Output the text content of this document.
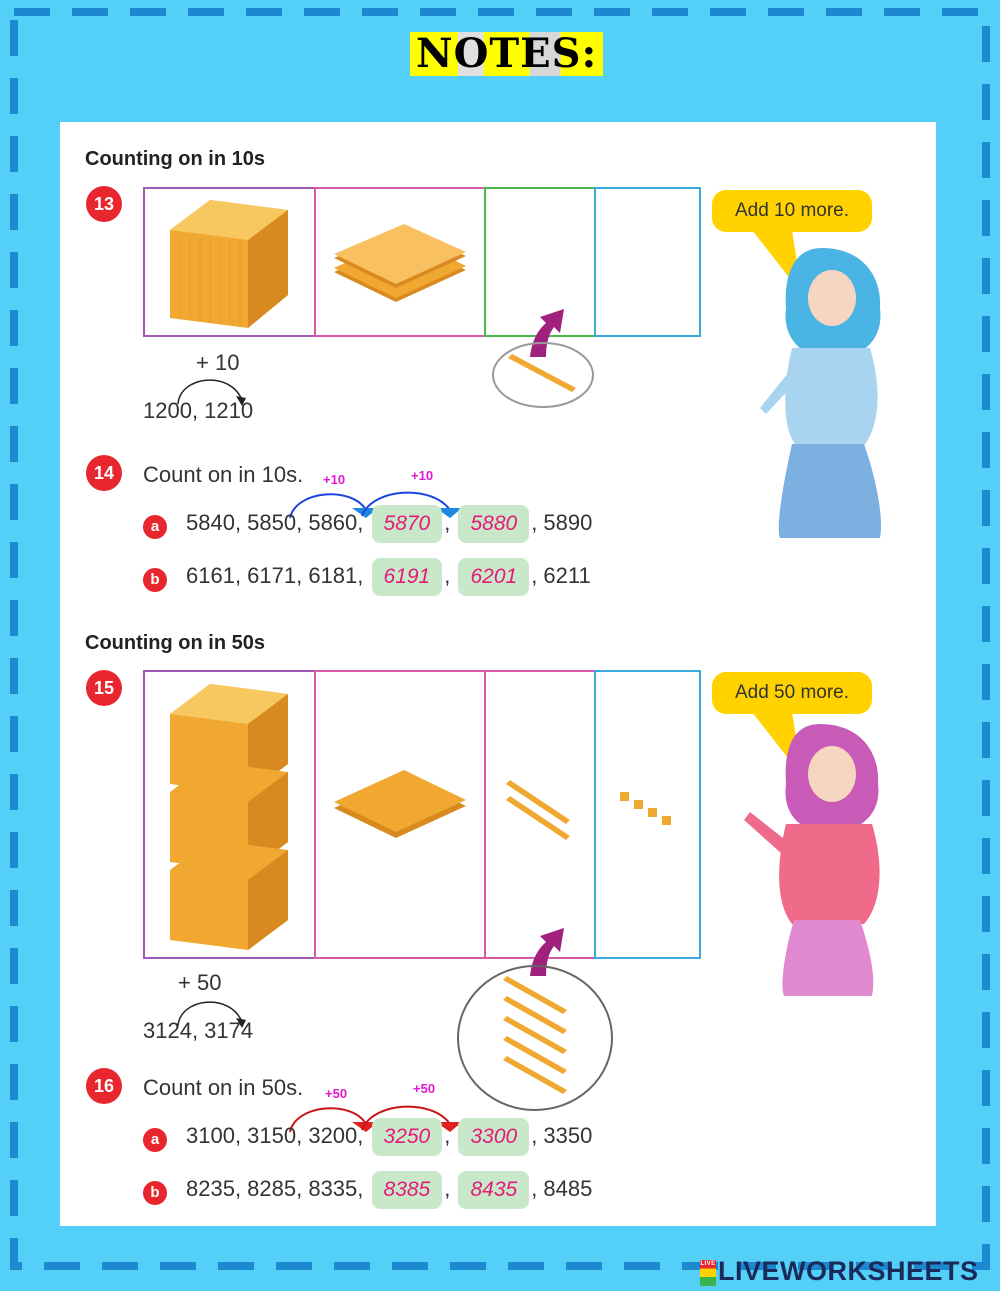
NOTES:
Counting on in 10s
13	Add 10 more.
+ 10
1200, 1210
14	Count on in 10s. +10	+10
a	5840, 5850, 5860, 5870 , 5880 , 5890
b	6161, 6171, 6181, 6191 , 6201 , 6211
Counting on in 50s
15	Add 50 more.
+ 50
3124, 3174
16	Count on in 50s. +50	+50
a	3100, 3150, 3200, 3250 , 3300 , 3350
b	8235, 8285, 8335, 8385 , 8435 , 8485
LIVELIVEWORKSHEETS
